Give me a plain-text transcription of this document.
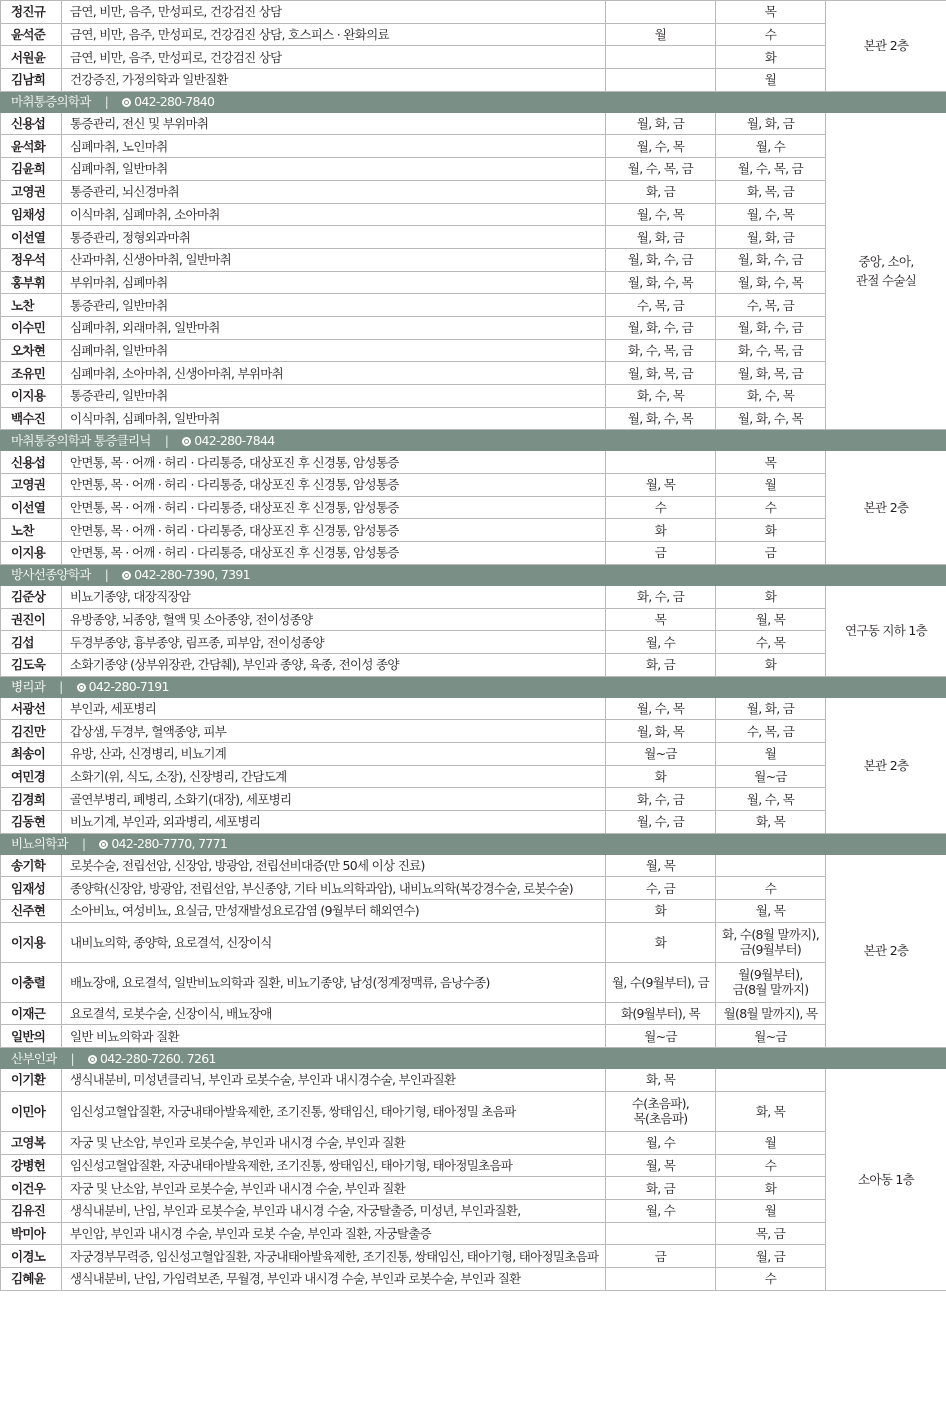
정진규	금연, 비만, 음주, 만성피로, 건강검진 상담		목	본관 2층
윤석준	금연, 비만, 음주, 만성피로, 건강검진 상담, 호스피스 · 완화의료	월	수	
서원윤	금연, 비만, 음주, 만성피로, 건강검진 상담		화	
김남희	건강증진, 가정의학과 일반질환		월	
마취통증의학과 | 042-280-7840				
신용섭	통증관리, 전신 및 부위마취	월, 화, 금	월, 화, 금	중앙, 소아,
관절 수술실

윤석화	심폐마취, 노인마취	월, 수, 목	월, 수	
김윤희	심폐마취, 일반마취	월, 수, 목, 금	월, 수, 목, 금	
고영권	통증관리, 뇌신경마취	화, 금	화, 목, 금	
임채성	이식마취, 심폐마취, 소아마취	월, 수, 목	월, 수, 목	
이선열	통증관리, 정형외과마취	월, 화, 금	월, 화, 금	
정우석	산과마취, 신생아마취, 일반마취	월, 화, 수, 금	월, 화, 수, 금	
홍부휘	부위마취, 심폐마취	월, 화, 수, 목	월, 화, 수, 목	
노찬	통증관리, 일반마취	수, 목, 금	수, 목, 금	
이수민	심폐마취, 외래마취, 일반마취	월, 화, 수, 금	월, 화, 수, 금	
오차현	심폐마취, 일반마취	화, 수, 목, 금	화, 수, 목, 금	
조유민	심폐마취, 소아마취, 신생아마취, 부위마취	월, 화, 목, 금	월, 화, 목, 금	
이지용	통증관리, 일반마취	화, 수, 목	화, 수, 목	
백수진	이식마취, 심폐마취, 일반마취	월, 화, 수, 목	월, 화, 수, 목	
마취통증의학과 통증클리닉 | 042-280-7844				
신용섭	안면통, 목 · 어깨 · 허리 · 다리통증, 대상포진 후 신경통, 암성통증		목	본관 2층
고영권	안면통, 목 · 어깨 · 허리 · 다리통증, 대상포진 후 신경통, 암성통증	월, 목	월	
이선열	안면통, 목 · 어깨 · 허리 · 다리통증, 대상포진 후 신경통, 암성통증	수	수	
노찬	안면통, 목 · 어깨 · 허리 · 다리통증, 대상포진 후 신경통, 암성통증	화	화	
이지용	안면통, 목 · 어깨 · 허리 · 다리통증, 대상포진 후 신경통, 암성통증	금	금	
방사선종양학과 | 042-280-7390, 7391				
김준상	비뇨기종양, 대장직장암	화, 수, 금	화	연구동 지하 1층
권진이	유방종양, 뇌종양, 혈액 및 소아종양, 전이성종양	목	월, 목	
김섭	두경부종양, 흉부종양, 림프종, 피부암, 전이성종양	월, 수	수, 목	
김도욱	소화기종양 (상부위장관, 간담췌), 부인과 종양, 육종, 전이성 종양	화, 금	화	
병리과 | 042-280-7191				
서광선	부인과, 세포병리	월, 수, 목	월, 화, 금	본관 2층
김진만	갑상샘, 두경부, 혈액종양, 피부	월, 화, 목	수, 목, 금	
최송이	유방, 산과, 신경병리, 비뇨기계	월~금	월	
여민경	소화기(위, 식도, 소장), 신장병리, 간담도계	화	월~금	
김경희	골연부병리, 폐병리, 소화기(대장), 세포병리	화, 수, 금	월, 수, 목	
김동현	비뇨기계, 부인과, 외과병리, 세포병리	월, 수, 금	화, 목	
비뇨의학과 | 042-280-7770, 7771				
송기학	로봇수술, 전립선암, 신장암, 방광암, 전립선비대증(만 50세 이상 진료)	월, 목		본관 2층
임재성	종양학(신장암, 방광암, 전립선암, 부신종양, 기타 비뇨의학과암), 내비뇨의학(복강경수술, 로봇수술)	수, 금	수	
신주현	소아비뇨, 여성비뇨, 요실금, 만성재발성요로감염 (9월부터 해외연수)	화	월, 목	
이지용	내비뇨의학, 종양학, 요로결석, 신장이식	화	화, 수(8월 말까지),
금(9월부터)	

이충렬	배뇨장애, 요로결석, 일반비뇨의학과 질환, 비뇨기종양, 남성(정계정맥류, 음낭수종)	월, 수(9월부터), 금	월(9월부터),
금(8월 말까지)	

이재근	요로결석, 로봇수술, 신장이식, 배뇨장애	화(9월부터), 목	월(8월 말까지), 목	
일반의	일반 비뇨의학과 질환	월~금	월~금	
산부인과 | 042-280-7260. 7261				
이기환	생식내분비, 미성년클리닉, 부인과 로봇수술, 부인과 내시경수술, 부인과질환	화, 목		소아동 1층
이민아	임신성고혈압질환, 자궁내태아발육제한, 조기진통, 쌍태임신, 태아기형, 태아정밀 초음파	수(초음파),
목(초음파)	화, 목	
고영복	자궁 및 난소암, 부인과 로봇수술, 부인과 내시경 수술, 부인과 질환	월, 수	월	
강병헌	임신성고혈압질환, 자궁내태아발육제한, 조기진통, 쌍태임신, 태아기형, 태아정밀초음파	월, 목	수	
이건우	자궁 및 난소암, 부인과 로봇수술, 부인과 내시경 수술, 부인과 질환	화, 금	화	
김유진	생식내분비, 난임, 부인과 로봇수술, 부인과 내시경 수술, 자궁탈출증, 미성년, 부인과질환,	월, 수	월	
박미아	부인암, 부인과 내시경 수술, 부인과 로봇 수술, 부인과 질환, 자궁탈출증		목, 금	
이경노	자궁경부무력증, 임신성고혈압질환, 자궁내태아발육제한, 조기진통, 쌍태임신, 태아기형, 태아정밀초음파	금	월, 금	
김혜윤	생식내분비, 난임, 가임력보존, 무월경, 부인과 내시경 수술, 부인과 로봇수술, 부인과 질환		수	
